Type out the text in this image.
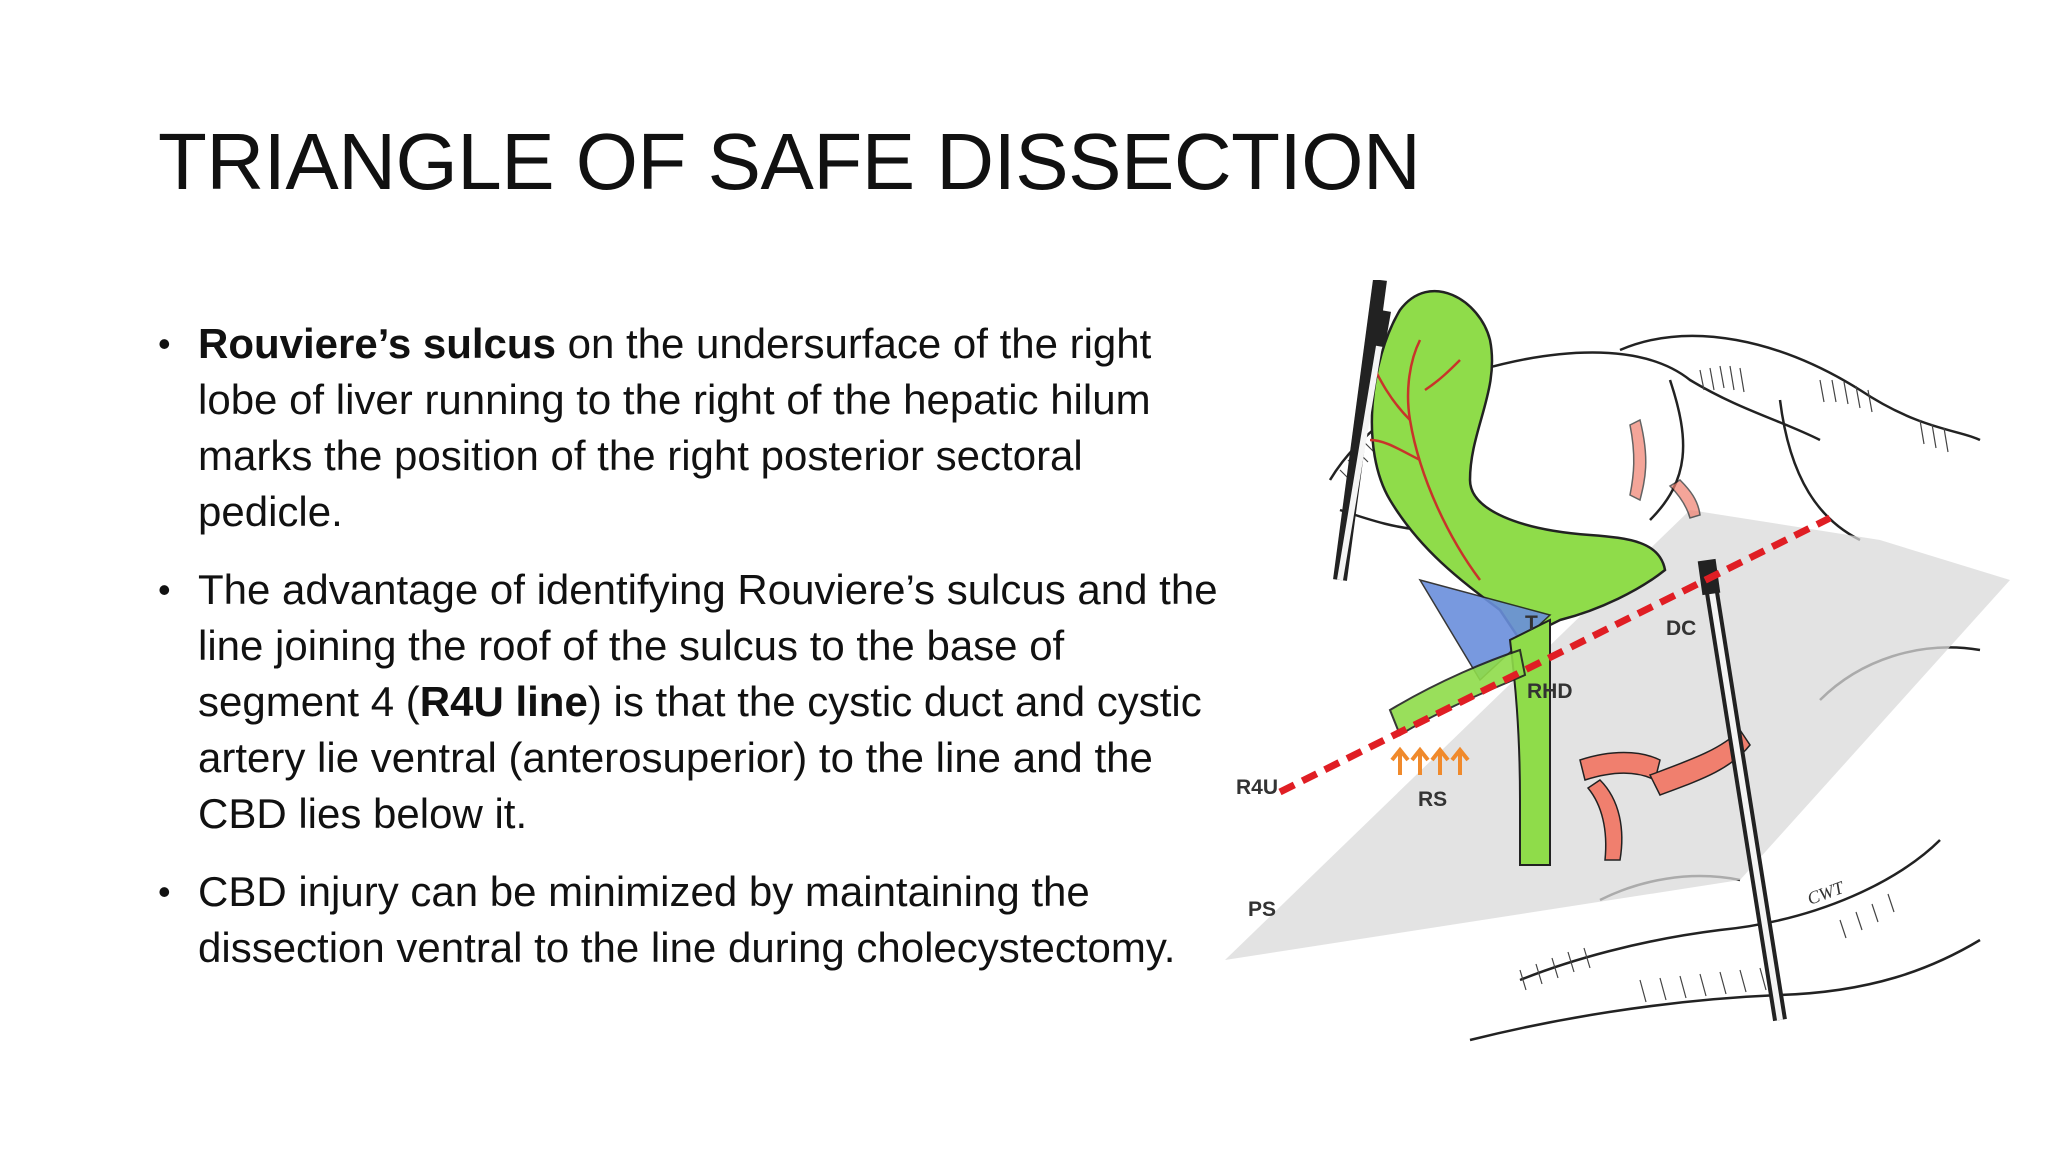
TRIANGLE OF SAFE DISSECTION
• Rouviere’s sulcus on the undersurface of the right lobe of liver running to the right of the hepatic hilum marks the position of the right posterior sectoral pedicle.
• The advantage of identifying Rouviere’s sulcus and the line joining the roof of the sulcus to the base of segment 4 (R4U line) is that the cystic duct and cystic artery lie ventral (anterosuperior) to the line and the CBD lies below it.
• CBD injury can be minimized by maintaining the dissection ventral to the line during cholecystectomy.
T	DC
RHD
R4U
RS
PS
CWT
